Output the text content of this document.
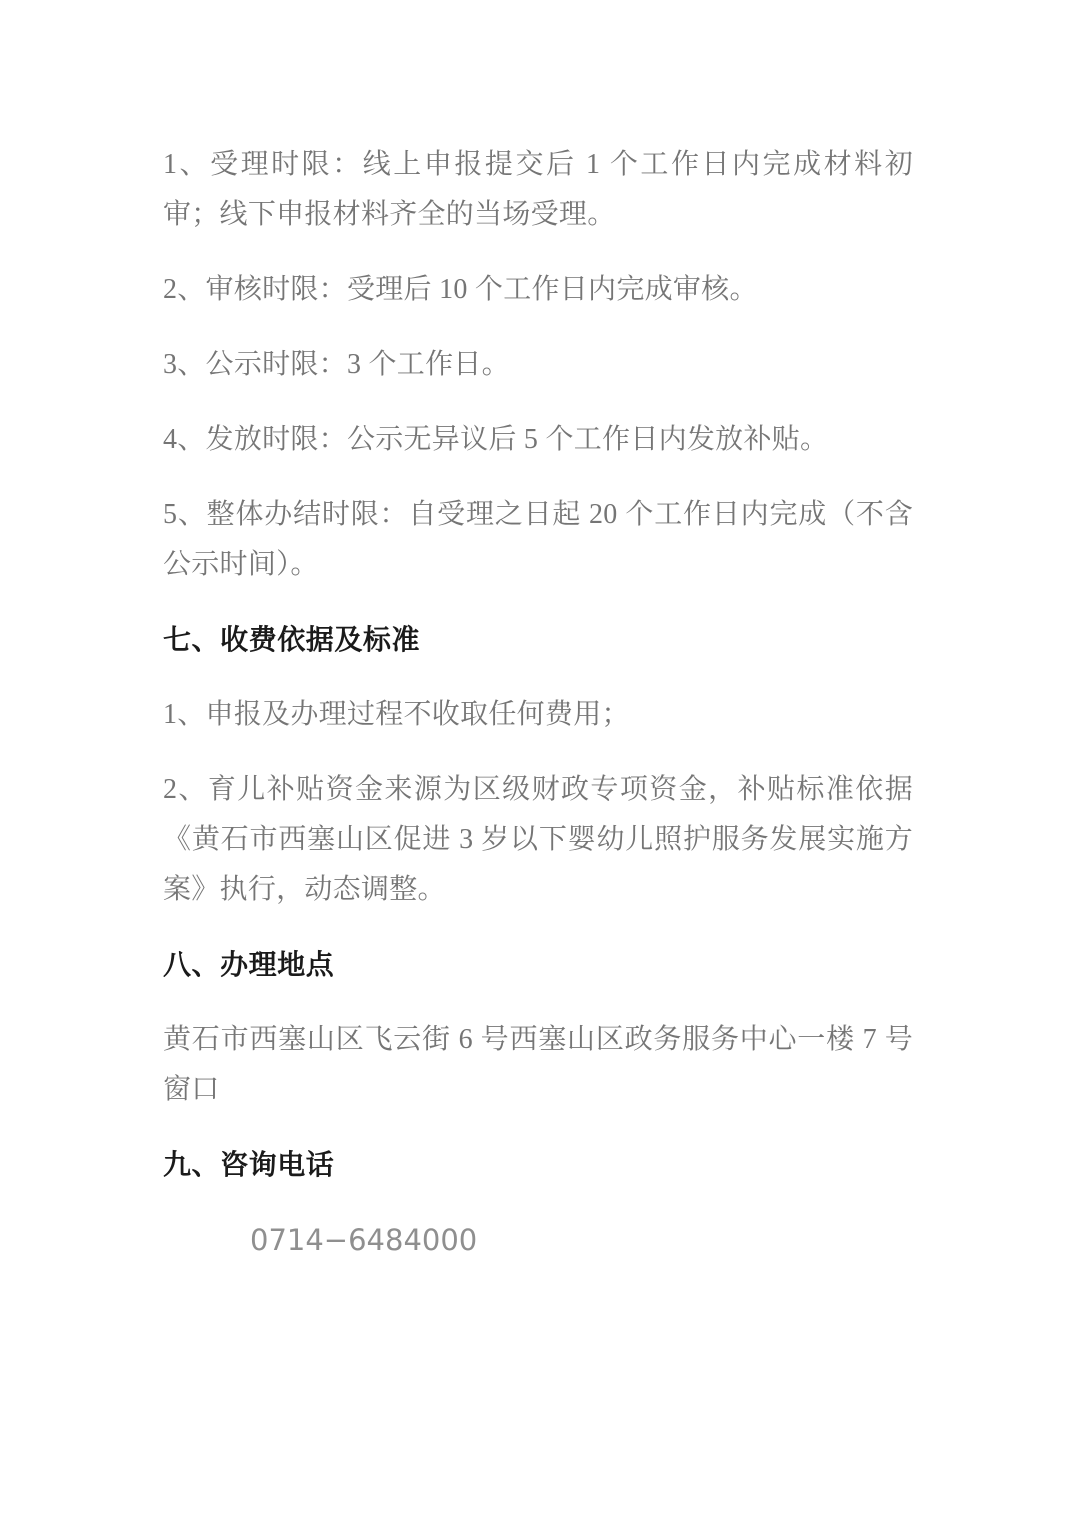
1、受理时限：线上申报提交后 1 个工作日内完成材料初审；线下申报材料齐全的当场受理。

2、审核时限：受理后 10 个工作日内完成审核。

3、公示时限：3 个工作日。

4、发放时限：公示无异议后 5 个工作日内发放补贴。

5、整体办结时限：自受理之日起 20 个工作日内完成（不含公示时间）。

七、收费依据及标准

1、申报及办理过程不收取任何费用；

2、育儿补贴资金来源为区级财政专项资金，补贴标准依据《黄石市西塞山区促进 3 岁以下婴幼儿照护服务发展实施方案》执行，动态调整。

八、办理地点

黄石市西塞山区飞云街 6 号西塞山区政务服务中心一楼 7 号窗口

九、咨询电话

0714−6484000
